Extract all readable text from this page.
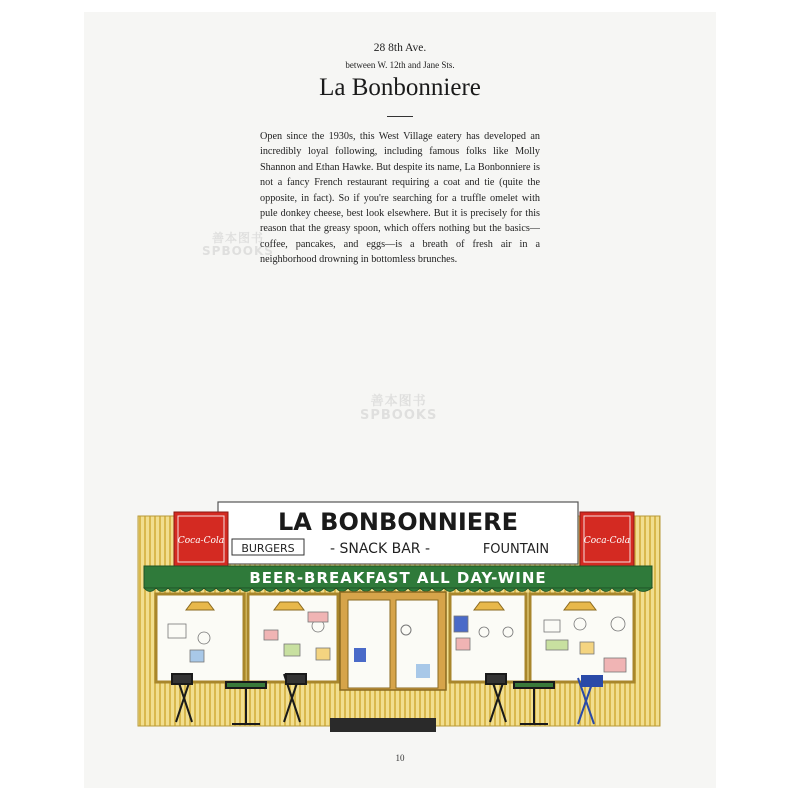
28 8th Ave.
between W. 12th and Jane Sts.
La Bonbonniere

Open since the 1930s, this West Village eatery has developed an incredibly loyal following, including famous folks like Molly Shannon and Ethan Hawke. But despite its name, La Bonbonniere is not a fancy French restaurant requiring a coat and tie (quite the opposite, in fact). So if you're searching for a truffle omelet with pule donkey cheese, best look elsewhere. But it is precisely for this reason that the greasy spoon, which offers nothing but the basics—coffee, pancakes, and eggs—is a breath of fresh air in a neighborhood drowning in bottomless brunches.

善本图书
SPBOOKS
善本图书
SPBOOKS
LA BONBONNIERE
BURGERS	- SNACK BAR -	FOUNTAIN
Coca-Cola	Coca-Cola
BEER-BREAKFAST ALL DAY-WINE
10
